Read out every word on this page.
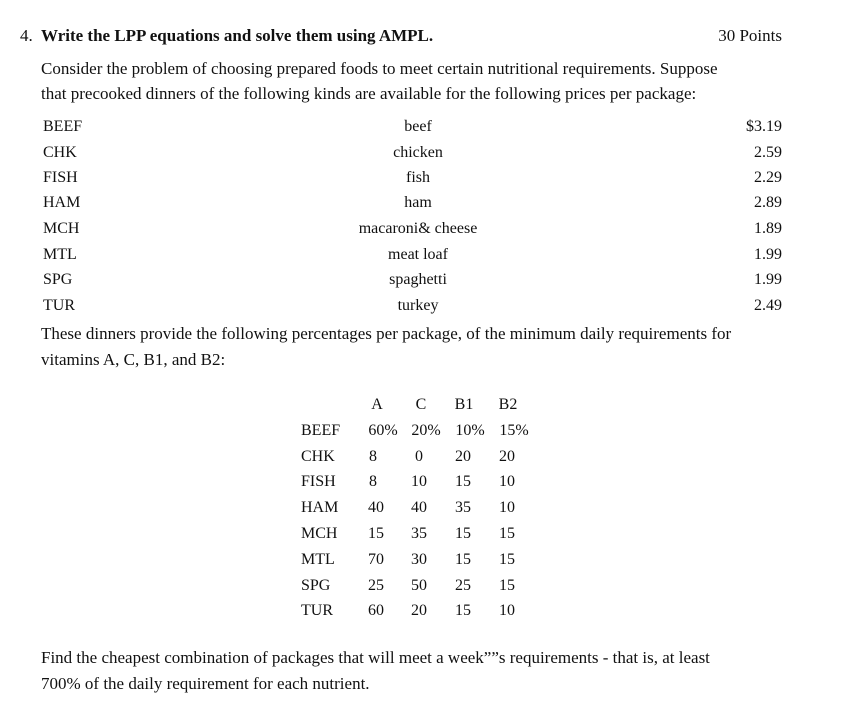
4. Write the LPP equations and solve them using AMPL.	30 Points
Consider the problem of choosing prepared foods to meet certain nutritional requirements. Suppose
that precooked dinners of the following kinds are available for the following prices per package:
BEEF	beef	$3.19
CHK	chicken	2.59
FISH	fish	2.29
HAM	ham	2.89
MCH	macaroni& cheese	1.89
MTL	meat loaf	1.99
SPG	spaghetti	1.99
TUR	turkey	2.49
These dinners provide the following percentages per package, of the minimum daily requirements for
vitamins A, C, B1, and B2:
A C B1 B2
BEEF 60% 20% 10% 15%
CHK 8 0 20 20
FISH 8 10 15 10
HAM 40 40 35 10
MCH 15 35 15 15
MTL 70 30 15 15
SPG 25 50 25 15
TUR 60 20 15 10
Find the cheapest combination of packages that will meet a week””s requirements - that is, at least
700% of the daily requirement for each nutrient.
